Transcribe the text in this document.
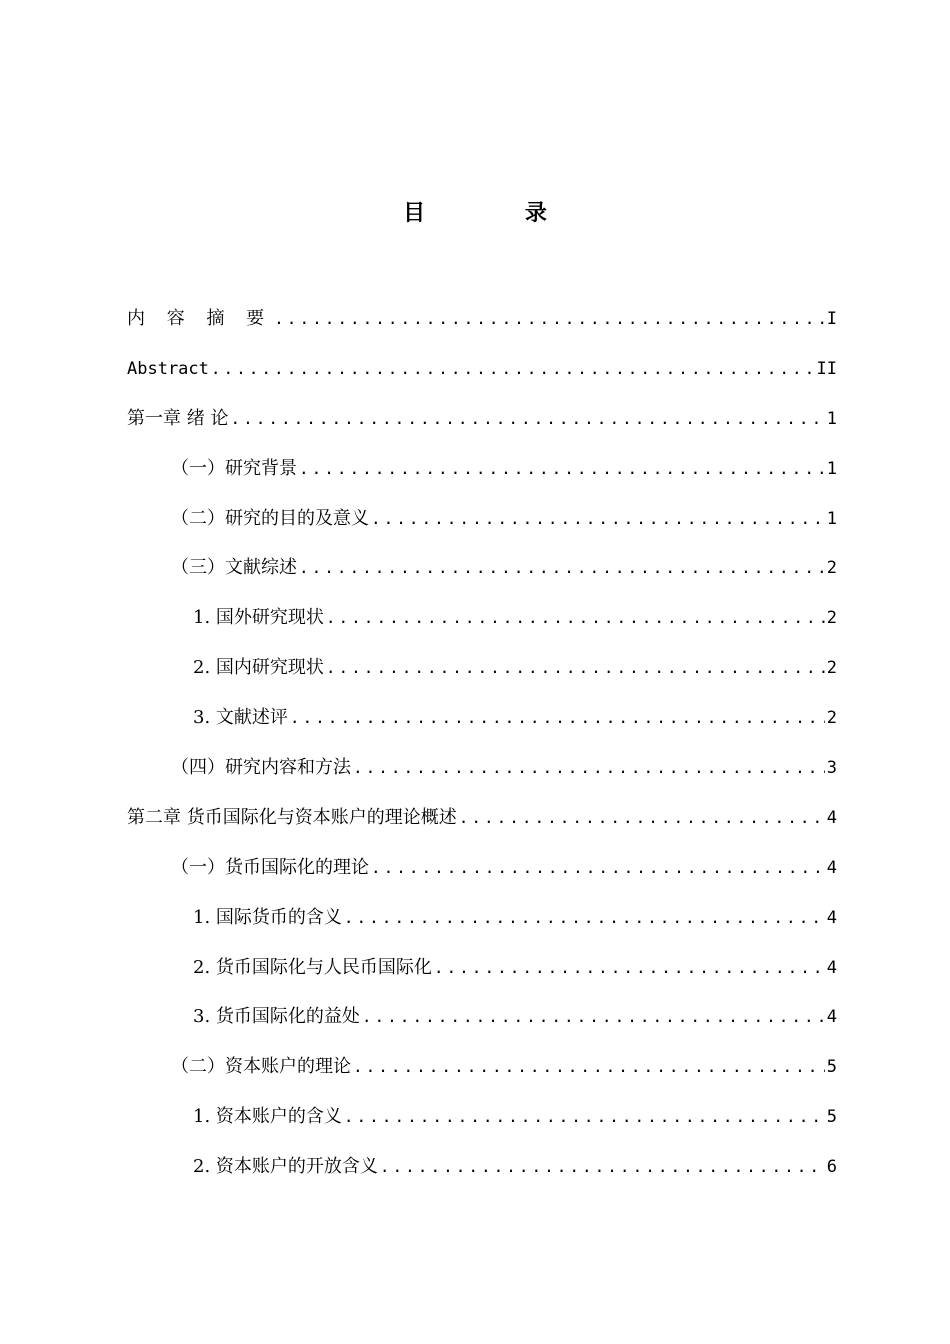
目 录
内 容 摘 要 .....	I
Abstract .....	II
第一章 绪 论 .....	1
（一）研究背景 .....	1
（二）研究的目的及意义 .....	1
（三）文献综述 .....	2
1. 国外研究现状 .....	2
2. 国内研究现状 .....	2
3. 文献述评 .....	2
（四）研究内容和方法 .....	3
第二章 货币国际化与资本账户的理论概述 .....	4
（一）货币国际化的理论 .....	4
1. 国际货币的含义 .....	4
2. 货币国际化与人民币国际化 .....	4
3. 货币国际化的益处 .....	4
（二）资本账户的理论 .....	5
1. 资本账户的含义 .....	5
2. 资本账户的开放含义 .....	6
